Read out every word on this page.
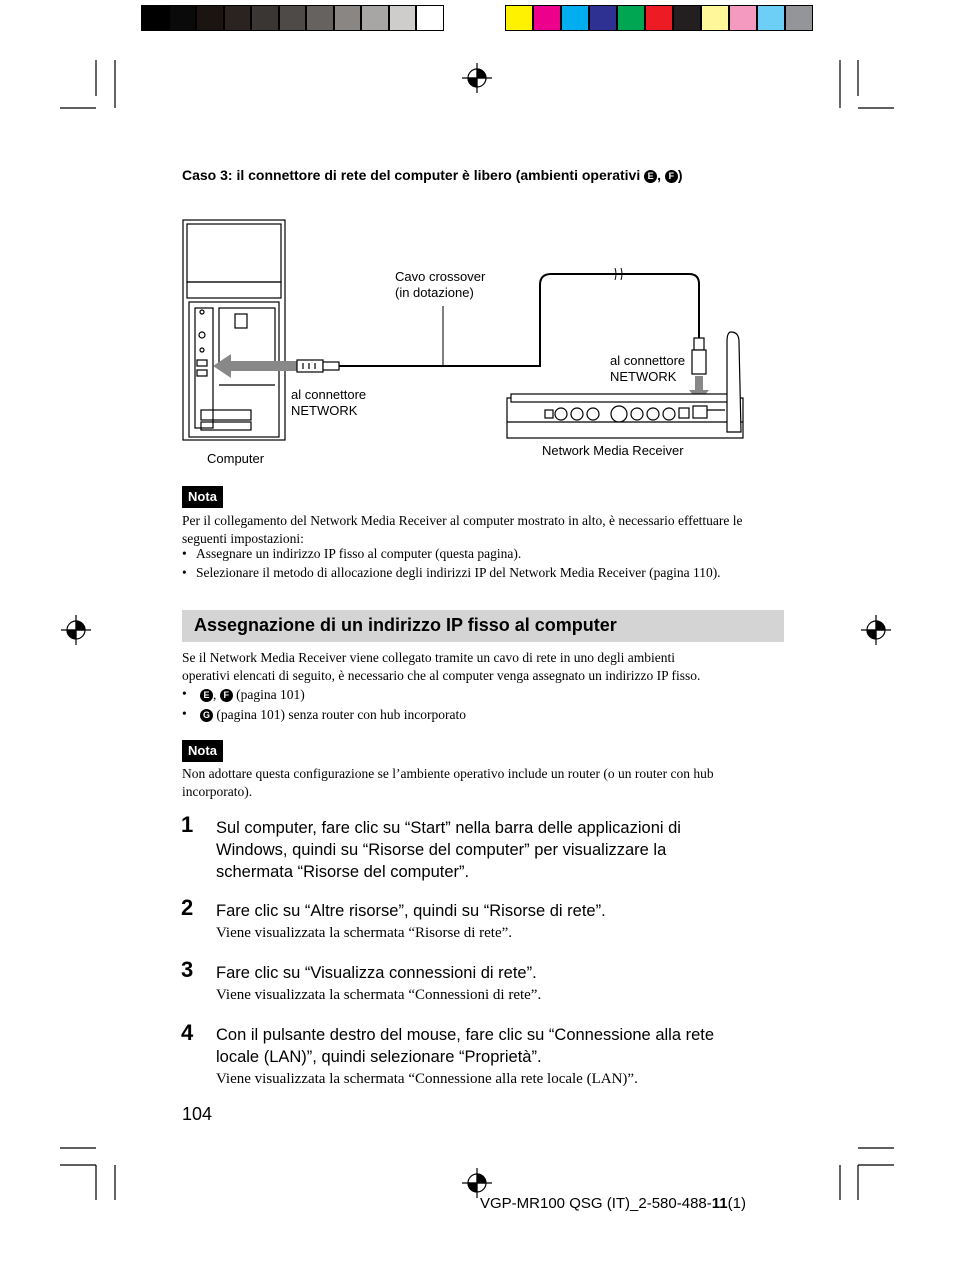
Caso 3: il connettore di rete del computer è libero (ambienti operativi E , F )
Cavo crossover
(in dotazione)
al connettore
NETWORK
al connettore
NETWORK
Computer
Network Media Receiver
Nota
Per il collegamento del Network Media Receiver al computer mostrato in alto, è necessario effettuare le
seguenti impostazioni:
• Assegnare un indirizzo IP fisso al computer (questa pagina).
• Selezionare il metodo di allocazione degli indirizzi IP del Network Media Receiver (pagina 110).
Assegnazione di un indirizzo IP fisso al computer
Se il Network Media Receiver viene collegato tramite un cavo di rete in uno degli ambienti
operativi elencati di seguito, è necessario che al computer venga assegnato un indirizzo IP fisso.
•	E , F (pagina 101)
•	G (pagina 101) senza router con hub incorporato
Nota
Non adottare questa configurazione se l’ambiente operativo include un router (o un router con hub
incorporato).
1 Sul computer, fare clic su “Start” nella barra delle applicazioni di
Windows, quindi su “Risorse del computer” per visualizzare la
schermata “Risorse del computer”.
2 Fare clic su “Altre risorse”, quindi su “Risorse di rete”.
Viene visualizzata la schermata “Risorse di rete”.
3 Fare clic su “Visualizza connessioni di rete”.
Viene visualizzata la schermata “Connessioni di rete”.
4 Con il pulsante destro del mouse, fare clic su “Connessione alla rete
locale (LAN)”, quindi selezionare “Proprietà”.
Viene visualizzata la schermata “Connessione alla rete locale (LAN)”.
104
VGP-MR100 QSG (IT)_2-580-488-11(1)
